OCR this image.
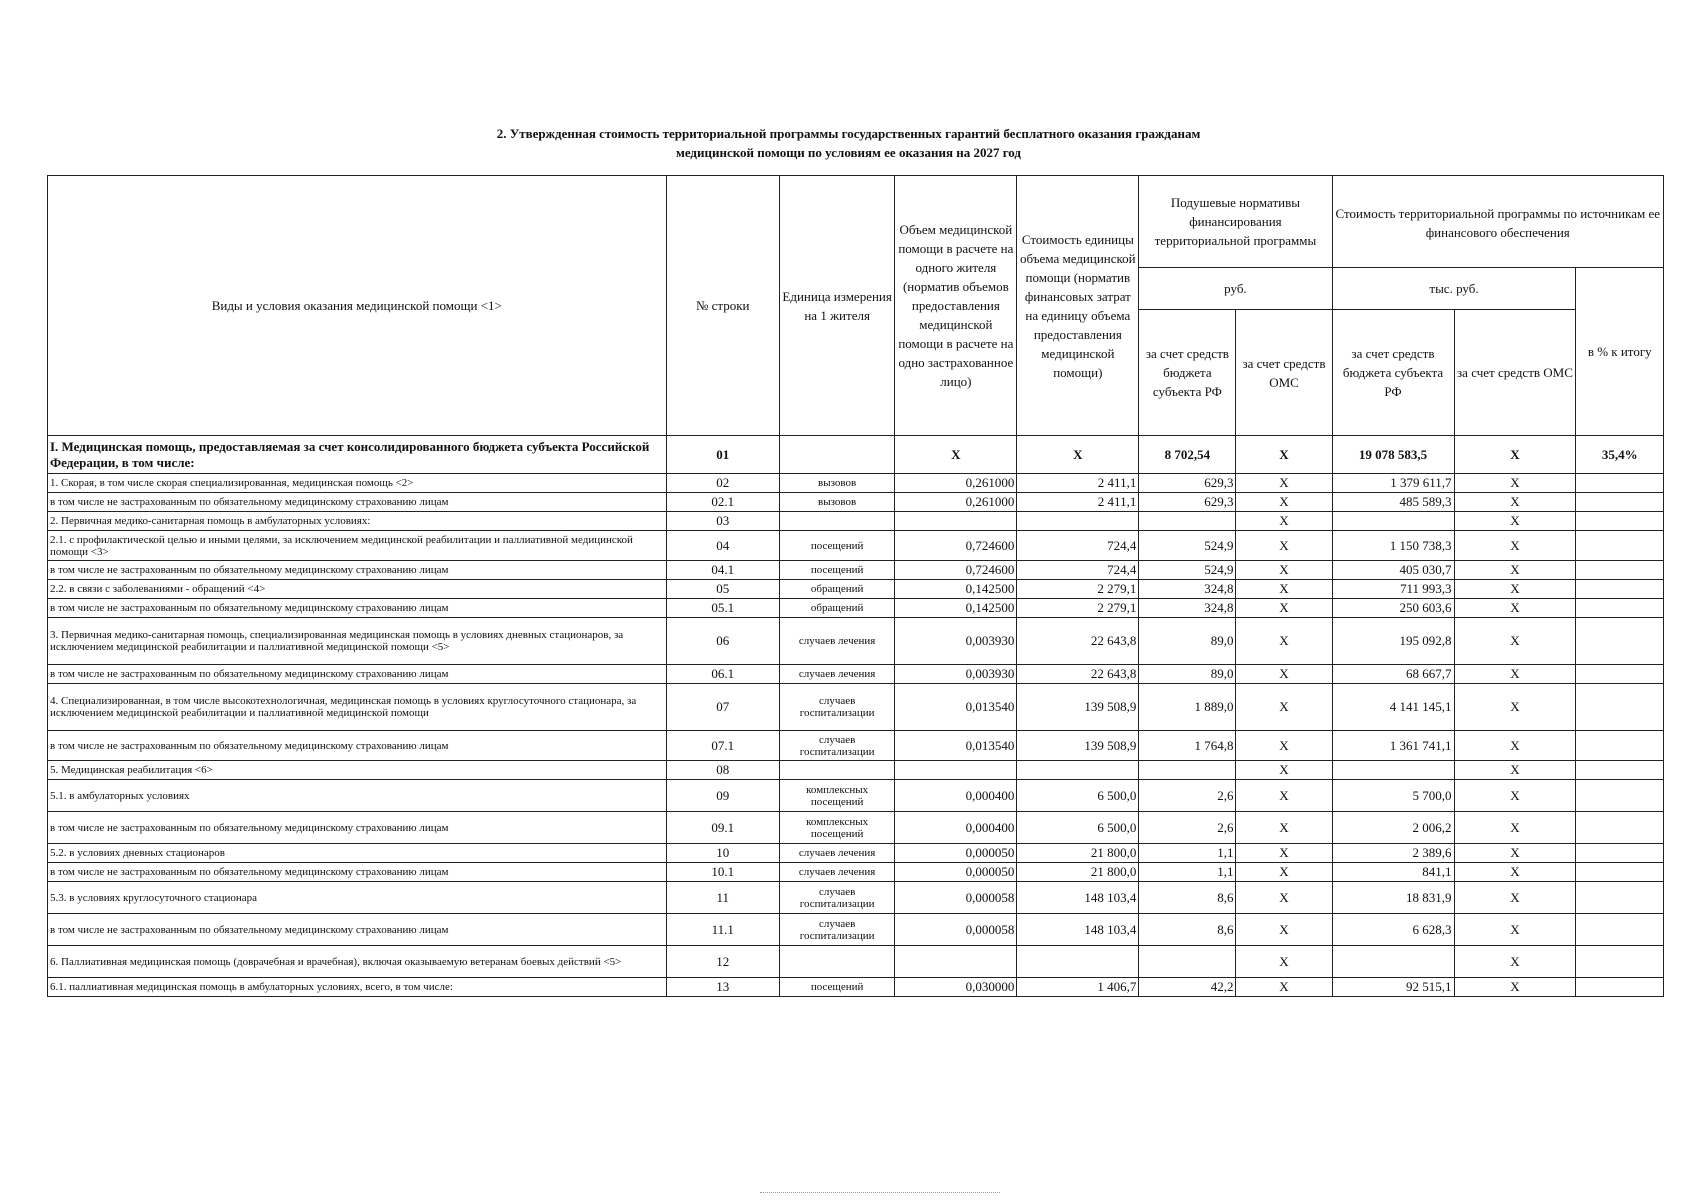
2. Утвержденная стоимость территориальной программы государственных гарантий бесплатного оказания гражданам
медицинской помощи по условиям ее оказания на 2027 год
Виды и условия оказания медицинской помощи <1>	№ строки	Единица измерения на 1 жителя	Объем медицинской помощи в расчете на одного жителя (норматив объемов предоставления медицинской помощи в расчете на одно застрахованное лицо)	Стоимость единицы объема медицинской помощи (норматив финансовых затрат на единицу объема предоставления медицинской помощи)	Подушевые нормативы финансирования территориальной программы		Стоимость территориальной программы по источникам ее финансового обеспечения		
					руб.		тыс. руб.		в % к итогу
					за счет средств бюджета субъекта РФ	за счет средств ОМС	за счет средств бюджета субъекта РФ	за счет средств ОМС	
I. Медицинская помощь, предоставляемая за счет консолидированного бюджета субъекта Российской Федерации, в том числе:	01		X	X	8 702,54	X	19 078 583,5	X	35,4%
1. Скорая, в том числе скорая специализированная, медицинская помощь <2>	02	вызовов	0,261000	2 411,1	629,3	X	1 379 611,7	X	
в том числе не застрахованным по обязательному медицинскому страхованию лицам	02.1	вызовов	0,261000	2 411,1	629,3	X	485 589,3	X	
2. Первичная медико-санитарная помощь в амбулаторных условиях:	03					X		X	
2.1. с профилактической целью и иными целями, за исключением медицинской реабилитации и паллиативной медицинской помощи <3>	04	посещений	0,724600	724,4	524,9	X	1 150 738,3	X	
в том числе не застрахованным по обязательному медицинскому страхованию лицам	04.1	посещений	0,724600	724,4	524,9	X	405 030,7	X	
2.2. в связи с заболеваниями - обращений <4>	05	обращений	0,142500	2 279,1	324,8	X	711 993,3	X	
в том числе не застрахованным по обязательному медицинскому страхованию лицам	05.1	обращений	0,142500	2 279,1	324,8	X	250 603,6	X	
3. Первичная медико-санитарная помощь, специализированная медицинская помощь в условиях дневных стационаров, за исключением медицинской реабилитации и паллиативной медицинской помощи <5>	06	случаев лечения	0,003930	22 643,8	89,0	X	195 092,8	X	
в том числе не застрахованным по обязательному медицинскому страхованию лицам	06.1	случаев лечения	0,003930	22 643,8	89,0	X	68 667,7	X	
4. Специализированная, в том числе высокотехнологичная, медицинская помощь в условиях круглосуточного стационара, за исключением медицинской реабилитации и паллиативной медицинской помощи	07	случаев госпитализации	0,013540	139 508,9	1 889,0	X	4 141 145,1	X	
в том числе не застрахованным по обязательному медицинскому страхованию лицам	07.1	случаев госпитализации	0,013540	139 508,9	1 764,8	X	1 361 741,1	X	
5. Медицинская реабилитация <6>	08					X		X	
5.1. в амбулаторных условиях	09	комплексных посещений	0,000400	6 500,0	2,6	X	5 700,0	X	
в том числе не застрахованным по обязательному медицинскому страхованию лицам	09.1	комплексных посещений	0,000400	6 500,0	2,6	X	2 006,2	X	
5.2. в условиях дневных стационаров	10	случаев лечения	0,000050	21 800,0	1,1	X	2 389,6	X	
в том числе не застрахованным по обязательному медицинскому страхованию лицам	10.1	случаев лечения	0,000050	21 800,0	1,1	X	841,1	X	
5.3. в условиях круглосуточного стационара	11	случаев госпитализации	0,000058	148 103,4	8,6	X	18 831,9	X	
в том числе не застрахованным по обязательному медицинскому страхованию лицам	11.1	случаев госпитализации	0,000058	148 103,4	8,6	X	6 628,3	X	
6. Паллиативная медицинская помощь (доврачебная и врачебная), включая оказываемую ветеранам боевых действий <5>	12					X		X	
6.1. паллиативная медицинская помощь в амбулаторных условиях, всего, в том числе:	13	посещений	0,030000	1 406,7	42,2	X	92 515,1	X	
